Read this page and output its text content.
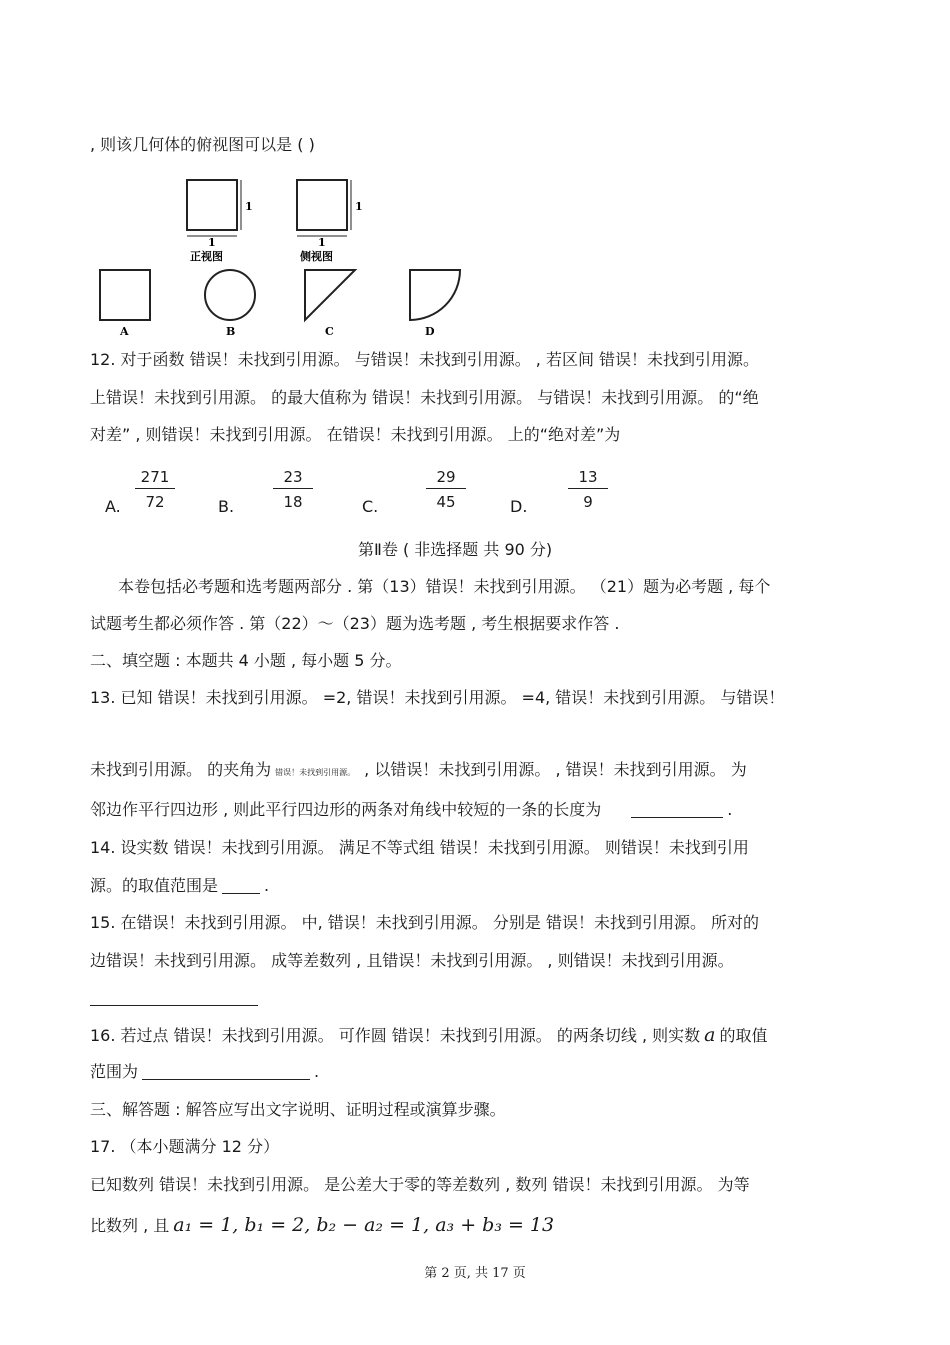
, 则该几何体的俯视图可以是 ( )
1	1
1	1
正视图	侧视图
A	B	C	D
12. 对于函数 错误！未找到引用源。 与错误！未找到引用源。 , 若区间 错误！未找到引用源。
上错误！未找到引用源。 的最大值称为 错误！未找到引用源。 与错误！未找到引用源。 的“绝
对差” , 则错误！未找到引用源。 在错误！未找到引用源。 上的“绝对差”为
A. $\frac{271}{72}$	B.	$\frac{23}{18}$	C.	$\frac{29}{45}$	D.	$\frac{13}{9}$
第Ⅱ卷 ( 非选择题 共 90 分)
本卷包括必考题和选考题两部分 . 第（13）错误！未找到引用源。 （21）题为必考题 , 每个
试题考生都必须作答 . 第（22）～（23）题为选考题 , 考生根据要求作答 .
二、填空题 : 本题共 4 小题 , 每小题 5 分。
13. 已知 错误！未找到引用源。 =2, 错误！未找到引用源。 =4, 错误！未找到引用源。 与错误！
未找到引用源。 的夹角为 错误！未找到引用源。 , 以错误！未找到引用源。 , 错误！未找到引用源。 为
邻边作平行四边形 , 则此平行四边形的两条对角线中较短的一条的长度为	.
14. 设实数 错误！未找到引用源。 满足不等式组 错误！未找到引用源。 则错误！未找到引用
源。的取值范围是	.
15. 在错误！未找到引用源。 中, 错误！未找到引用源。 分别是 错误！未找到引用源。 所对的
边错误！未找到引用源。 成等差数列 , 且错误！未找到引用源。 , 则错误！未找到引用源。
16. 若过点 错误！未找到引用源。 可作圆 错误！未找到引用源。 的两条切线 , 则实数 a 的取值
范围为	.
三、解答题 : 解答应写出文字说明、证明过程或演算步骤。
17. （本小题满分 12 分）
已知数列 错误！未找到引用源。 是公差大于零的等差数列 , 数列 错误！未找到引用源。 为等
比数列 , 且 a₁ = 1, b₁ = 2, b₂ − a₂ = 1, a₃ + b₃ = 13
第 2 页, 共 17 页
